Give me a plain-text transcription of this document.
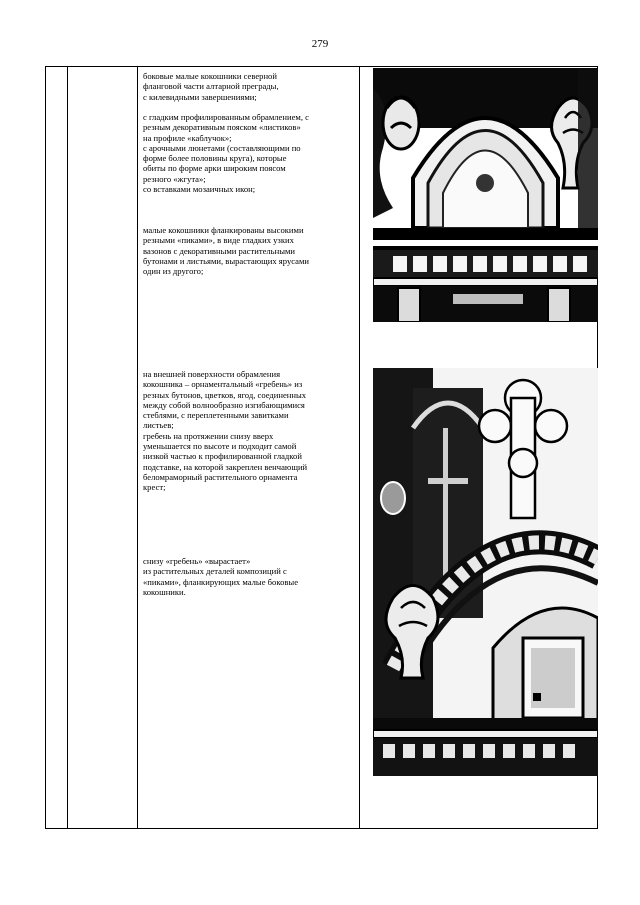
279

боковые малые кокошники северной

фланговой части алтарной преграды,

с килевидными завершениями;

с гладким профилированным обрамлением, с

резным декоративным пояском «листиков»

на профиле «каблучок»;

с арочными люнетами (составляющими по

форме более половины круга), которые

обиты по форме арки широким поясом

резного «жгута»;

со вставками мозаичных икон;

малые кокошники фланкированы высокими

резными «пиками», в виде гладких узких

вазонов с декоративными растительными

бутонами и листьями, вырастающих ярусами

один из другого;

на внешней поверхности обрамления

кокошника – орнаментальный «гребень» из

резных бутонов, цветков, ягод, соединенных

между собой волнообразно изгибающимися

стеблями, с переплетенными завитками

листьев;

гребень на протяжении снизу вверх

уменьшается по высоте и подходит самой

низкой частью к профилированной гладкой

подставке, на которой закреплен венчающий

беломраморный растительного орнамента

крест;

снизу «гребень» «вырастает»

из растительных деталей композиций с

«пиками», фланкирующих малые боковые

кокошники.
